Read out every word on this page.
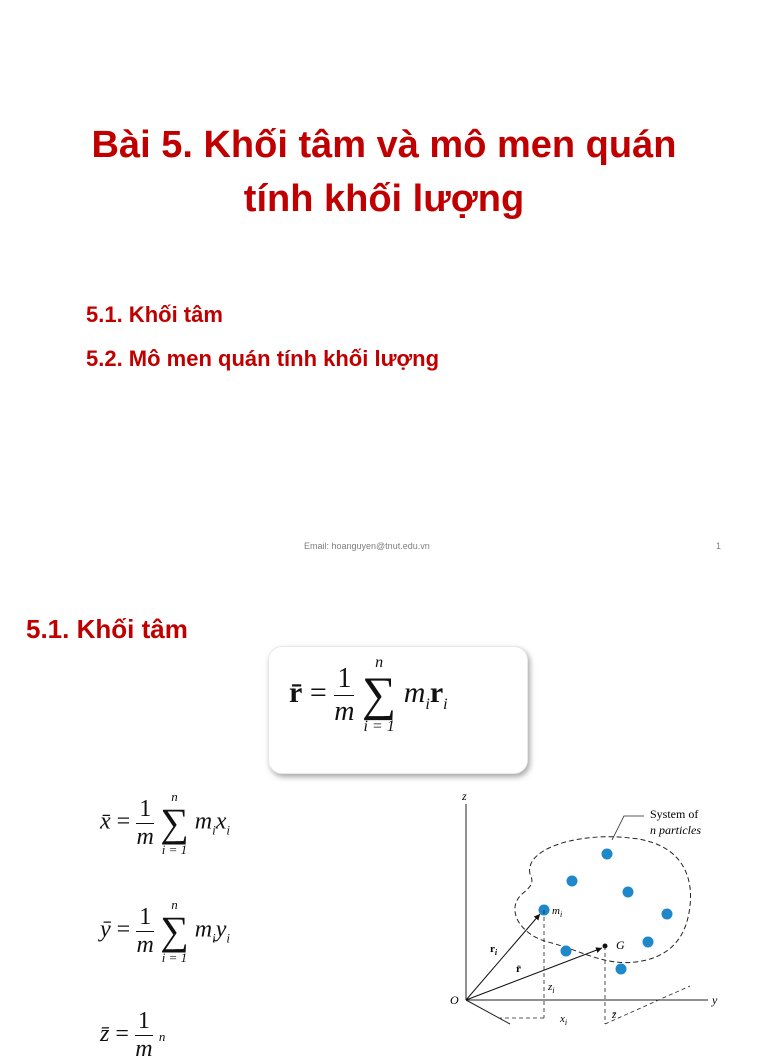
Bài 5. Khối tâm và mô men quán
tính khối lượng
5.1. Khối tâm
5.2. Mô men quán tính khối lượng
Email: hoanguyen@tnut.edu.vn	1
5.1. Khối tâm
r̄ = $\frac{1}{m}$
	n
∑
i = 1
$m_ir_i$
x̄ = $\frac{1}{m}$
	n
∑
i = 1
$m_ix_i$
ȳ = $\frac{1}{m}$
	n
∑
i = 1
$m_iy_i$
z̄ = $\frac{1}{m}$ n
z
y
O
System of
n particles
$m_i$
G
$r_i$
r̄
$z_i$
$x_i$
z̄
